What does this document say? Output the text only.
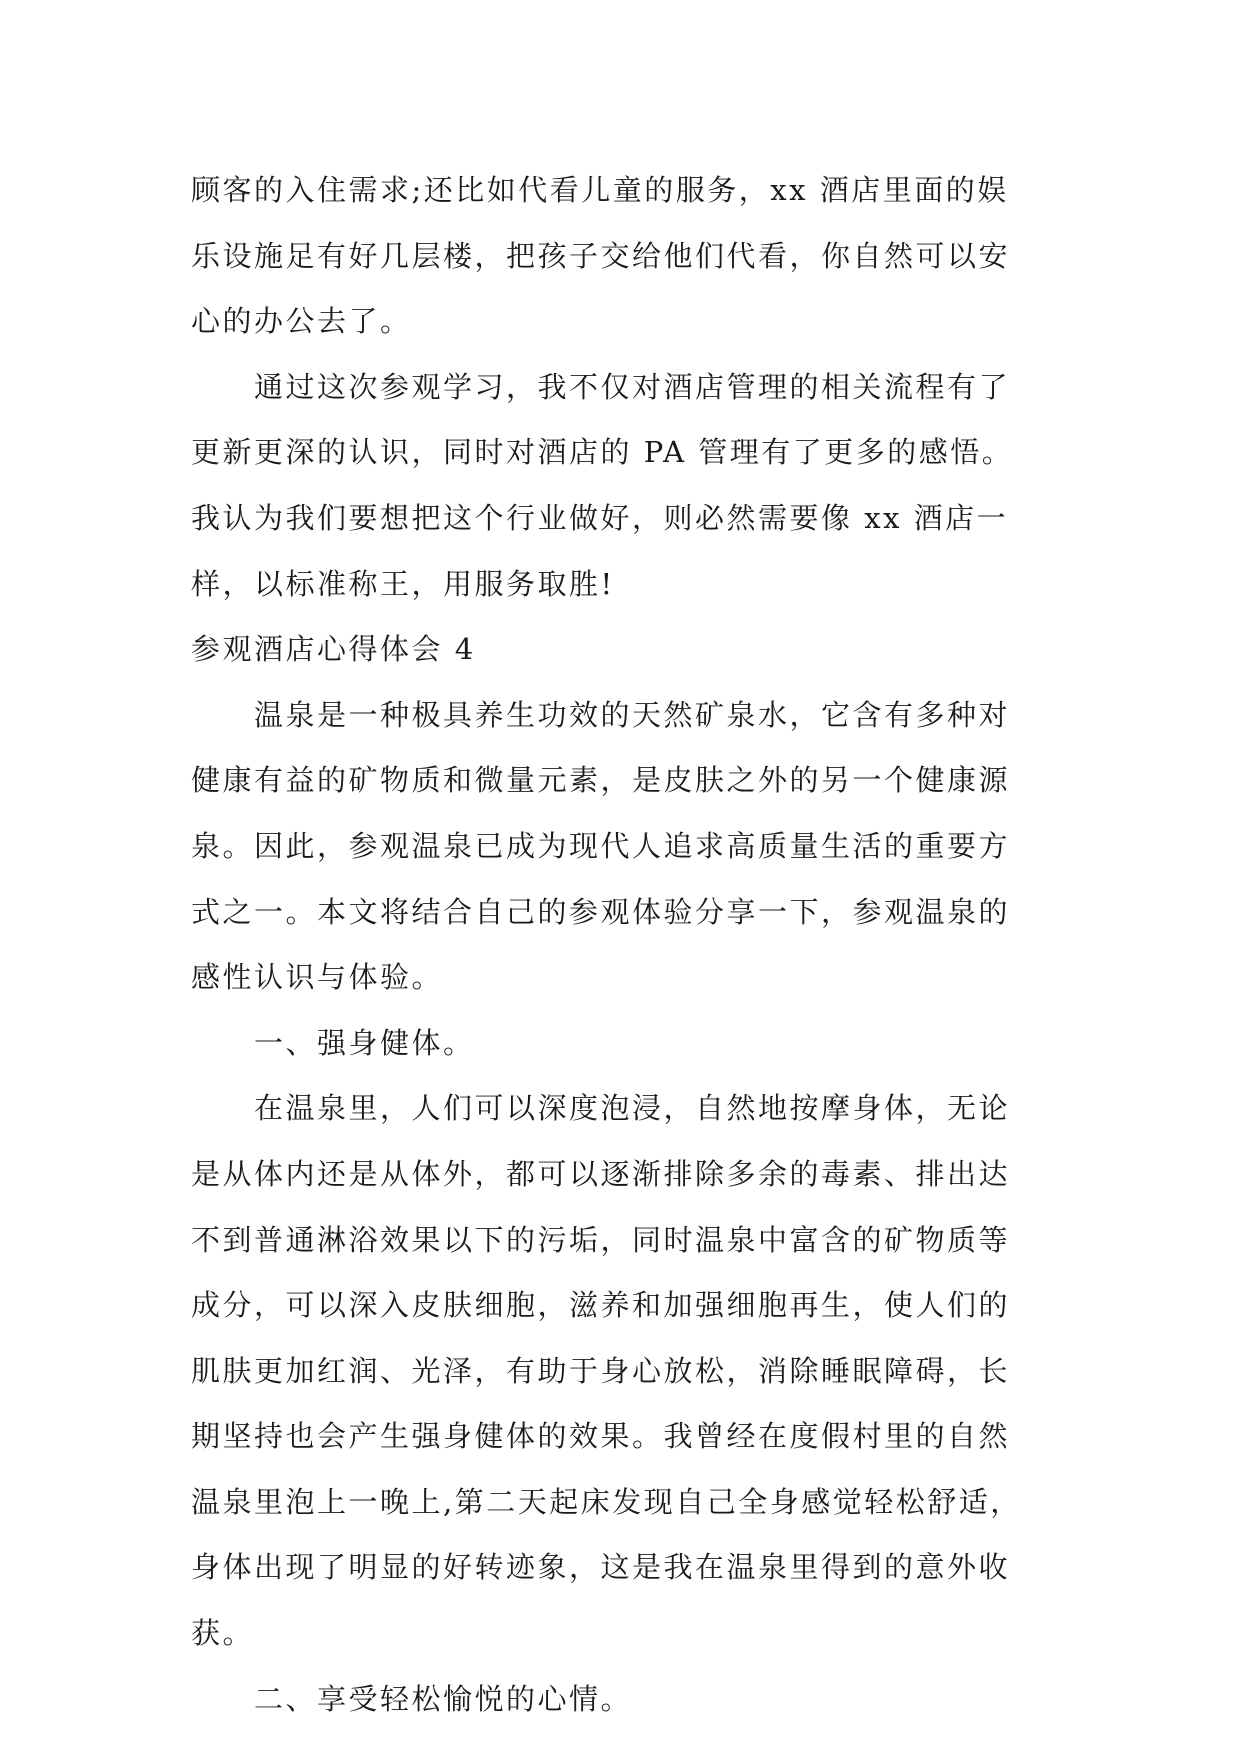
顾客的入住需求;还比如代看儿童的服务，xx 酒店里面的娱
乐设施足有好几层楼，把孩子交给他们代看，你自然可以安
心的办公去了。
　　通过这次参观学习，我不仅对酒店管理的相关流程有了
更新更深的认识，同时对酒店的 PA 管理有了更多的感悟。
我认为我们要想把这个行业做好，则必然需要像 xx 酒店一
样，以标准称王，用服务取胜!
参观酒店心得体会 4
　　温泉是一种极具养生功效的天然矿泉水，它含有多种对
健康有益的矿物质和微量元素，是皮肤之外的另一个健康源
泉。因此，参观温泉已成为现代人追求高质量生活的重要方
式之一。本文将结合自己的参观体验分享一下，参观温泉的
感性认识与体验。
　　一、强身健体。
　　在温泉里，人们可以深度泡浸，自然地按摩身体，无论
是从体内还是从体外，都可以逐渐排除多余的毒素、排出达
不到普通淋浴效果以下的污垢，同时温泉中富含的矿物质等
成分，可以深入皮肤细胞，滋养和加强细胞再生，使人们的
肌肤更加红润、光泽，有助于身心放松，消除睡眠障碍，长
期坚持也会产生强身健体的效果。我曾经在度假村里的自然
温泉里泡上一晚上,第二天起床发现自己全身感觉轻松舒适，
身体出现了明显的好转迹象，这是我在温泉里得到的意外收
获。
　　二、享受轻松愉悦的心情。
